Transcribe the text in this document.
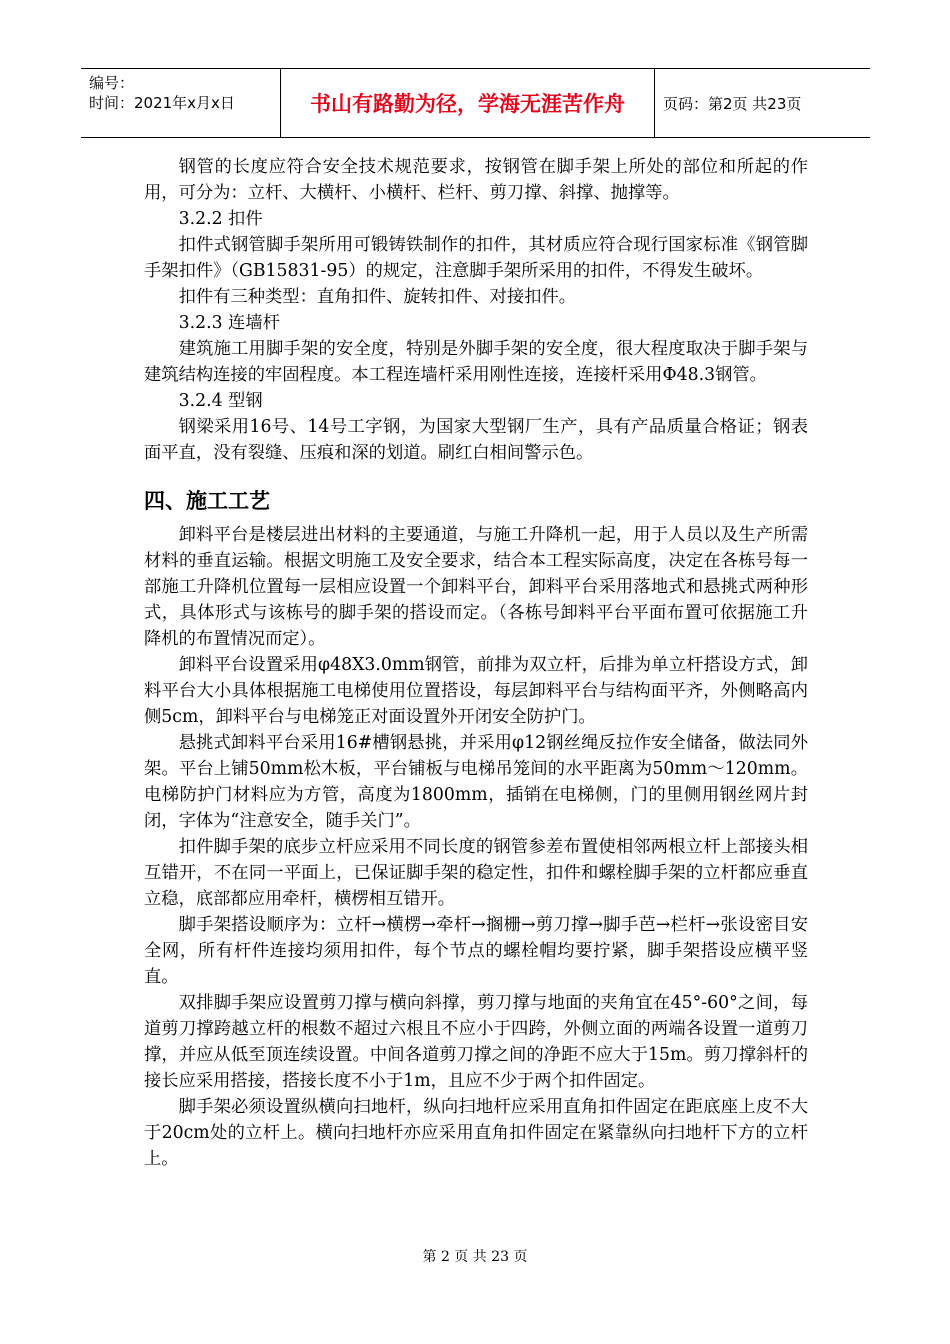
编号：
时间：2021年x月x日	书山有路勤为径，学海无涯苦作舟	页码：第2页 共23页

钢管的长度应符合安全技术规范要求，按钢管在脚手架上所处的部位和所起的作用，可分为：立杆、大横杆、小横杆、栏杆、剪刀撑、斜撑、抛撑等。

3.2.2 扣件

扣件式钢管脚手架所用可锻铸铁制作的扣件，其材质应符合现行国家标准《钢管脚手架扣件》（GB15831-95）的规定，注意脚手架所采用的扣件，不得发生破坏。

扣件有三种类型：直角扣件、旋转扣件、对接扣件。

3.2.3 连墙杆

建筑施工用脚手架的安全度，特别是外脚手架的安全度，很大程度取决于脚手架与建筑结构连接的牢固程度。本工程连墙杆采用刚性连接，连接杆采用Φ48.3钢管。

3.2.4 型钢

钢梁采用16号、14号工字钢，为国家大型钢厂生产，具有产品质量合格证；钢表面平直，没有裂缝、压痕和深的划道。刷红白相间警示色。

四、施工工艺

卸料平台是楼层进出材料的主要通道，与施工升降机一起，用于人员以及生产所需材料的垂直运输。根据文明施工及安全要求，结合本工程实际高度，决定在各栋号每一部施工升降机位置每一层相应设置一个卸料平台，卸料平台采用落地式和悬挑式两种形式，具体形式与该栋号的脚手架的搭设而定。（各栋号卸料平台平面布置可依据施工升降机的布置情况而定）。

卸料平台设置采用φ48X3.0mm钢管，前排为双立杆，后排为单立杆搭设方式，卸料平台大小具体根据施工电梯使用位置搭设，每层卸料平台与结构面平齐，外侧略高内侧5cm，卸料平台与电梯笼正对面设置外开闭安全防护门。

悬挑式卸料平台采用16#槽钢悬挑，并采用φ12钢丝绳反拉作安全储备，做法同外架。平台上铺50mm松木板，平台铺板与电梯吊笼间的水平距离为50mm～120mm。电梯防护门材料应为方管，高度为1800mm，插销在电梯侧，门的里侧用钢丝网片封闭，字体为“注意安全，随手关门”。

扣件脚手架的底步立杆应采用不同长度的钢管参差布置使相邻两根立杆上部接头相互错开，不在同一平面上，已保证脚手架的稳定性，扣件和螺栓脚手架的立杆都应垂直立稳，底部都应用牵杆，横楞相互错开。

脚手架搭设顺序为：立杆→横楞→牵杆→搁栅→剪刀撑→脚手芭→栏杆→张设密目安全网，所有杆件连接均须用扣件，每个节点的螺栓帽均要拧紧，脚手架搭设应横平竖直。

双排脚手架应设置剪刀撑与横向斜撑，剪刀撑与地面的夹角宜在45°-60°之间，每道剪刀撑跨越立杆的根数不超过六根且不应小于四跨，外侧立面的两端各设置一道剪刀撑，并应从低至顶连续设置。中间各道剪刀撑之间的净距不应大于15m。剪刀撑斜杆的接长应采用搭接，搭接长度不小于1m，且应不少于两个扣件固定。

脚手架必须设置纵横向扫地杆，纵向扫地杆应采用直角扣件固定在距底座上皮不大于20cm处的立杆上。横向扫地杆亦应采用直角扣件固定在紧靠纵向扫地杆下方的立杆上。

第 2 页 共 23 页
